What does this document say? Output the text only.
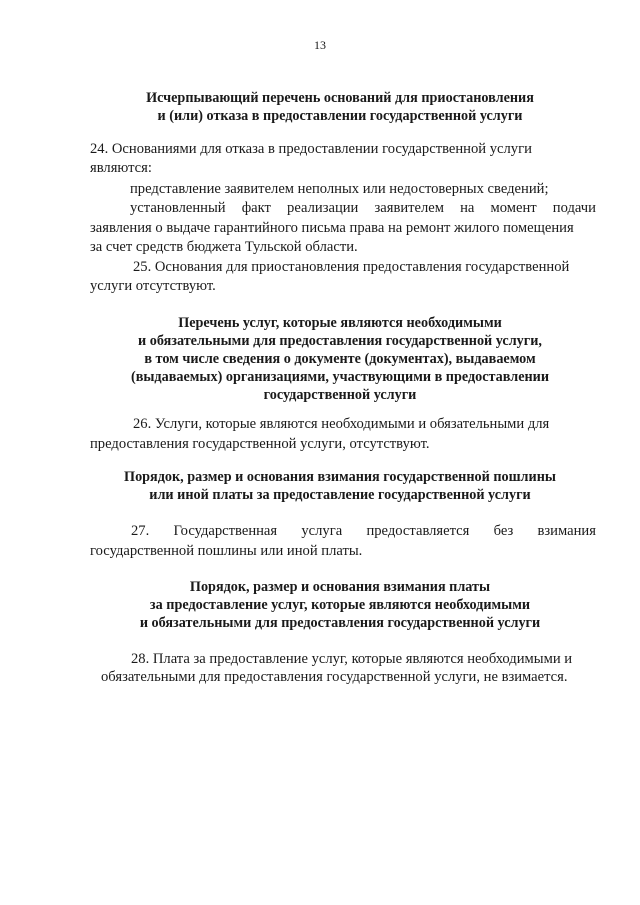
13
Исчерпывающий перечень оснований для приостановления
и (или) отказа в предоставлении государственной услуги
24. Основаниями для отказа в предоставлении государственной услуги
являются:
представление заявителем неполных или недостоверных сведений;
установленный факт реализации заявителем на момент подачи
заявления о выдаче гарантийного письма права на ремонт жилого помещения
за счет средств бюджета Тульской области.
25. Основания для приостановления предоставления государственной
услуги отсутствуют.
Перечень услуг, которые являются необходимыми
и обязательными для предоставления государственной услуги,
в том числе сведения о документе (документах), выдаваемом
(выдаваемых) организациями, участвующими в предоставлении
государственной услуги
26. Услуги, которые являются необходимыми и обязательными для
предоставления государственной услуги, отсутствуют.
Порядок, размер и основания взимания государственной пошлины
или иной платы за предоставление государственной услуги
27. Государственная услуга предоставляется без взимания
государственной пошлины или иной платы.
Порядок, размер и основания взимания платы
за предоставление услуг, которые являются необходимыми
и обязательными для предоставления государственной услуги
28. Плата за предоставление услуг, которые являются необходимыми и
обязательными для предоставления государственной услуги, не взимается.
